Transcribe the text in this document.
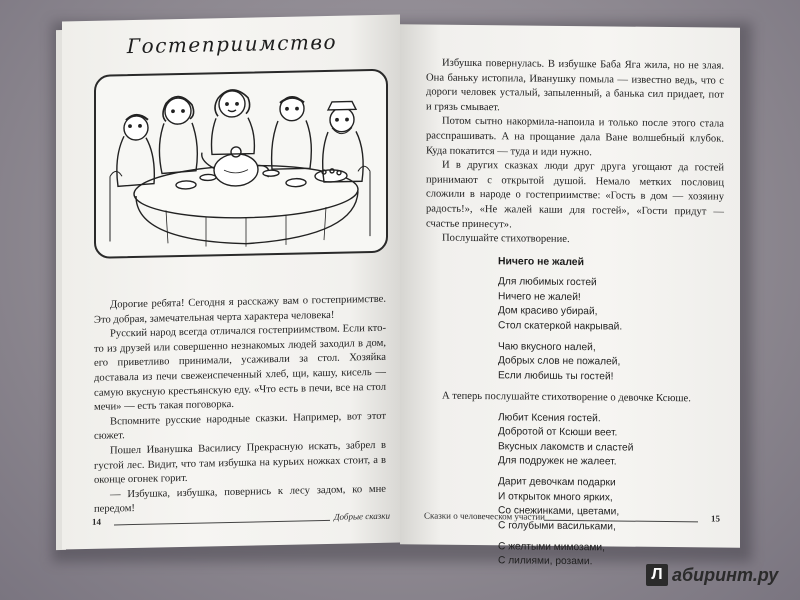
Гостеприимство

Дорогие ребята! Сегодня я расскажу вам о гостеприимстве. Это добрая, замечательная черта характера человека!

Русский народ всегда отличался гостеприимством. Если кто-то из друзей или совершенно незнакомых людей заходил в дом, его приветливо принимали, усаживали за стол. Хозяйка доставала из печи свежеиспеченный хлеб, щи, кашу, кисель — самую вкусную крестьянскую еду. «Что есть в печи, все на стол мечи» — есть такая поговорка.

Вспомните русские народные сказки. Например, вот этот сюжет.

Пошел Иванушка Василису Прекрасную искать, забрел в густой лес. Видит, что там избушка на курьих ножках стоит, а в оконце огонек горит.

— Избушка, избушка, повернись к лесу задом, ко мне передом!

14	Добрые сказки

Избушка повернулась. В избушке Баба Яга жила, но не злая. Она баньку истопила, Иванушку помыла — известно ведь, что с дороги человек усталый, запыленный, а банька сил придает, пот и грязь смывает.

Потом сытно накормила-напоила и только после этого стала расспрашивать. А на прощание дала Ване волшебный клубок. Куда покатится — туда и иди нужно.

И в других сказках люди друг друга угощают да гостей принимают с открытой душой. Немало метких пословиц сложили в народе о гостеприимстве: «Гость в дом — хозяину радость!», «Не жалей каши для гостей», «Гости придут — счастье принесут».

Послушайте стихотворение.

Ничего не жалей
Для любимых гостей
Ничего не жалей!
Дом красиво убирай,
Стол скатеркой накрывай.
Чаю вкусного налей,
Добрых слов не пожалей,
Если любишь ты гостей!

А теперь послушайте стихотворение о девочке Ксюше.

Любит Ксения гостей.
Добротой от Ксюши веет.
Вкусных лакомств и сластей
Для подружек не жалеет.
Дарит девочкам подарки
И открыток много ярких,
Со снежинками, цветами,
С голубыми васильками,
С желтыми мимозами,
С лилиями, розами.
Сказки о человеческом участии	15
Л абиринт.ру
